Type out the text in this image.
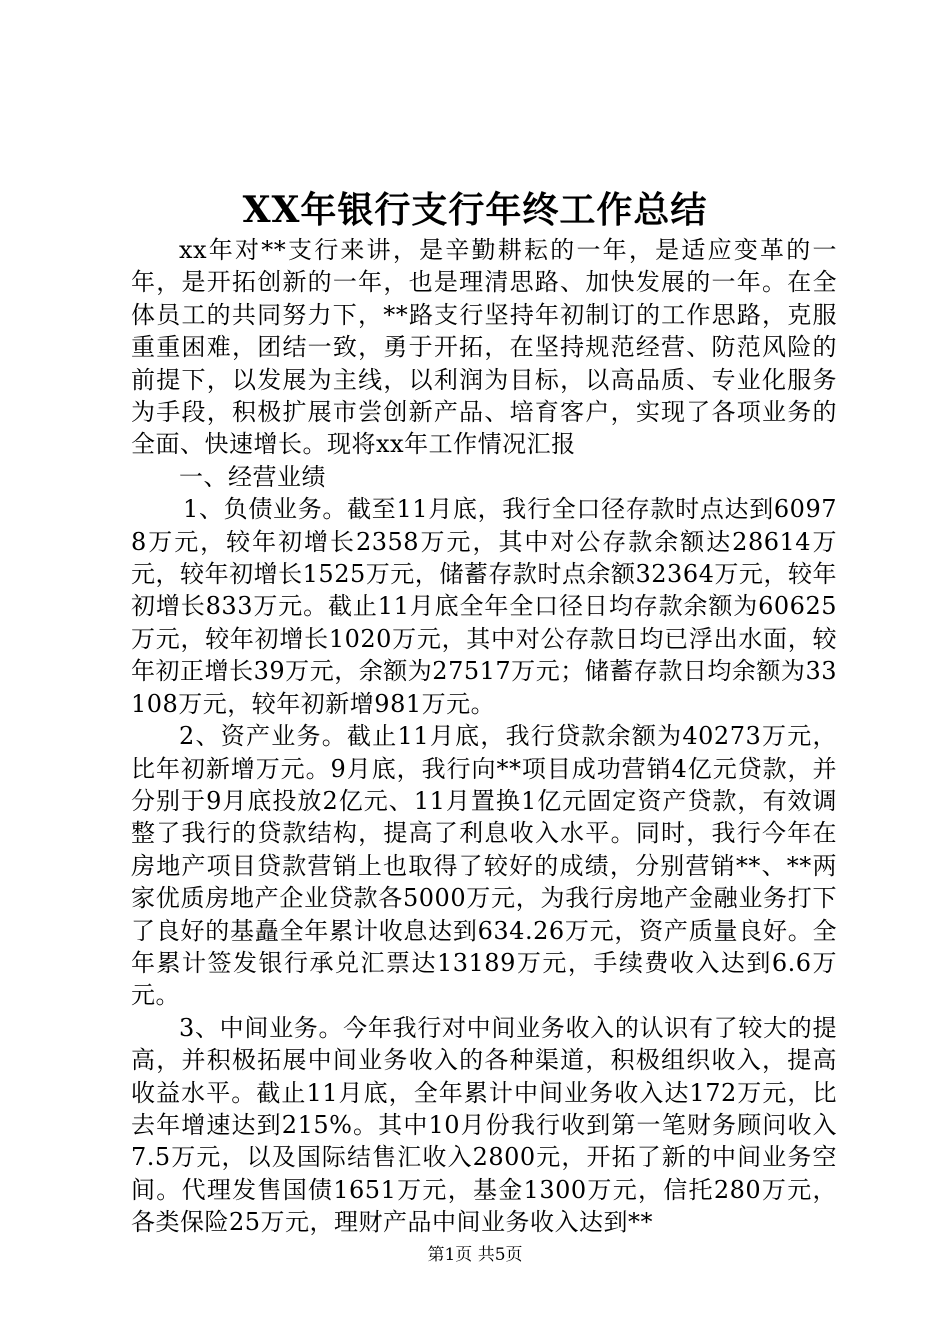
XX年银行支行年终工作总结

xx年对**支行来讲，是辛勤耕耘的一年，是适应变革的一年，是开拓创新的一年，也是理清思路、加快发展的一年。在全体员工的共同努力下，**路支行坚持年初制订的工作思路，克服重重困难，团结一致，勇于开拓，在坚持规范经营、防范风险的前提下，以发展为主线，以利润为目标，以高品质、专业化服务为手段，积极扩展市尝创新产品、培育客户，实现了各项业务的全面、快速增长。现将xx年工作情况汇报

一、经营业绩

1、负债业务。截至11月底，我行全口径存款时点达到60978万元，较年初增长2358万元，其中对公存款余额达28614万元，较年初增长1525万元，储蓄存款时点余额32364万元，较年初增长833万元。截止11月底全年全口径日均存款余额为60625万元，较年初增长1020万元，其中对公存款日均已浮出水面，较年初正增长39万元，余额为27517万元；储蓄存款日均余额为33108万元，较年初新增981万元。

2、资产业务。截止11月底，我行贷款余额为40273万元，比年初新增万元。9月底，我行向**项目成功营销4亿元贷款，并分别于9月底投放2亿元、11月置换1亿元固定资产贷款，有效调整了我行的贷款结构，提高了利息收入水平。同时，我行今年在房地产项目贷款营销上也取得了较好的成绩，分别营销**、**两家优质房地产企业贷款各5000万元，为我行房地产金融业务打下了良好的基矗全年累计收息达到634.26万元，资产质量良好。全年累计签发银行承兑汇票达13189万元，手续费收入达到6.6万元。

3、中间业务。今年我行对中间业务收入的认识有了较大的提高，并积极拓展中间业务收入的各种渠道，积极组织收入，提高收益水平。截止11月底，全年累计中间业务收入达172万元，比去年增速达到215%。其中10月份我行收到第一笔财务顾问收入7.5万元，以及国际结售汇收入2800元，开拓了新的中间业务空间。代理发售国债1651万元，基金1300万元，信托280万元，各类保险25万元，理财产品中间业务收入达到**

第1页 共5页
